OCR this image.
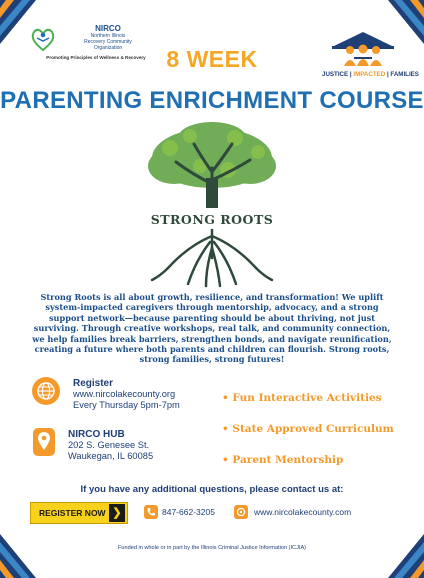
NIRCO
Northern Illinois
Recovery Community
Organization
Promoting Principles of Wellness & Recovery
JUSTICE | IMPACTED | FAMILIES
8 WEEK
PARENTING ENRICHMENT COURSE
STRONG ROOTS
Strong Roots is all about growth, resilience, and transformation! We uplift system-impacted caregivers through mentorship, advocacy, and a strong support network—because parenting should be about thriving, not just surviving. Through creative workshops, real talk, and community connection, we help families break barriers, strengthen bonds, and navigate reunification, creating a future where both parents and children can flourish. Strong roots, strong families, strong futures!
Register
www.nircolakecounty.org
Every Thursday 5pm-7pm
NIRCO HUB
202 S. Genesee St.
Waukegan, IL 60085
• Fun Interactive Activities
• State Approved Curriculum
• Parent Mentorship
If you have any additional questions, please contact us at:
REGISTER NOW ❯	847-662-3205	www.nircolakecounty.com
Funded in whole or in part by the Illinois Criminal Justice Information (ICJIA)
